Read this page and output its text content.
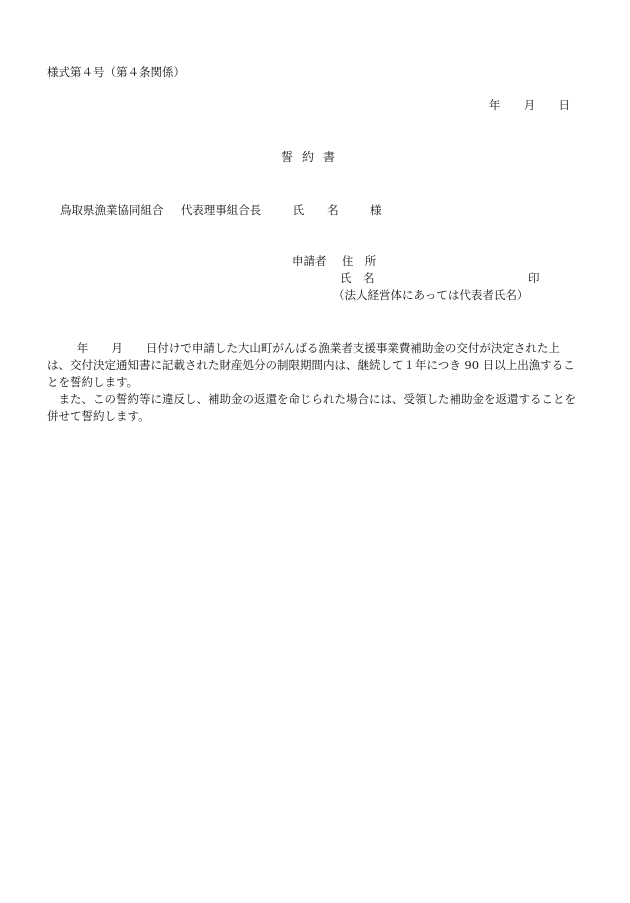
様式第４号（第４条関係）
年 月 日
誓約書
鳥取県漁業協同組合 代表理事組合長	氏　　名	様
申請者 住　所
氏　名	印
（法人経営体にあっては代表者氏名）

年　　月　　日付けで申請した大山町がんばる漁業者支援事業費補助金の交付が決定された上は、交付決定通知書に記載された財産処分の制限期間内は、継続して１年につき 90 日以上出漁することを誓約します。

また、この誓約等に違反し、補助金の返還を命じられた場合には、受領した補助金を返還することを併せて誓約します。
